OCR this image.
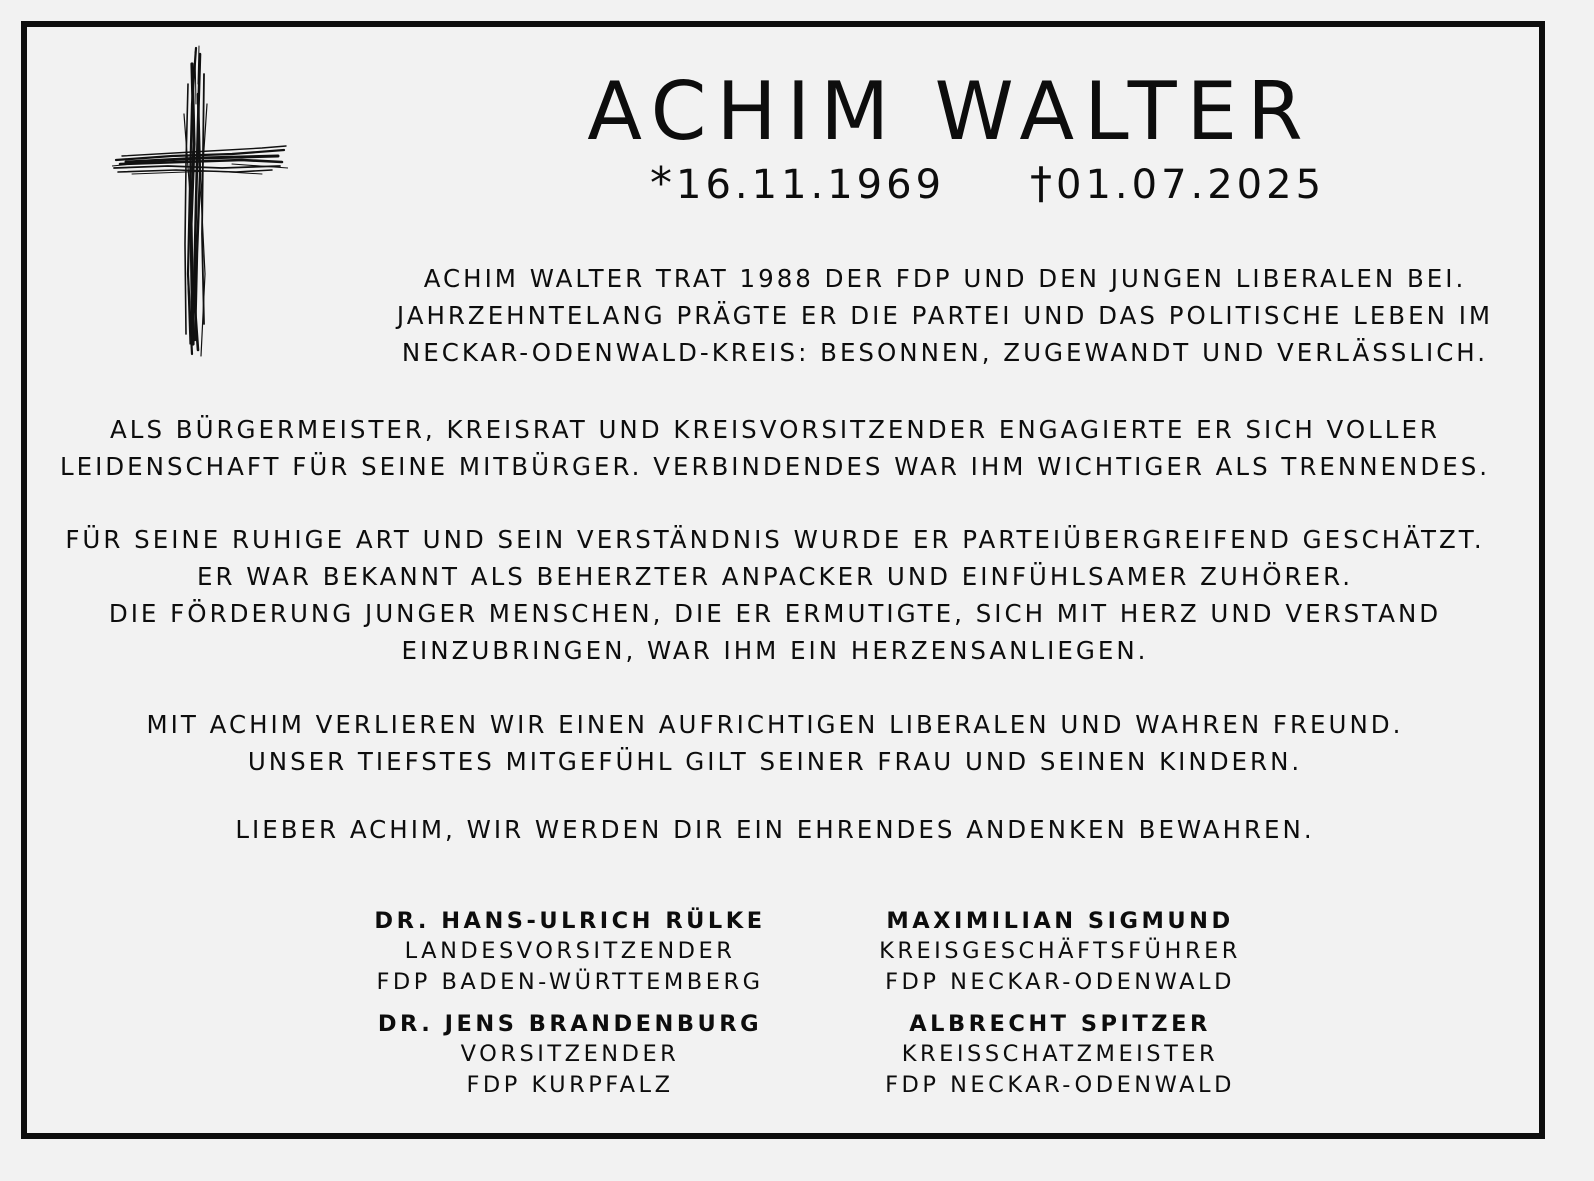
ACHIM WALTER
*16.11.1969 †01.07.2025

ACHIM WALTER TRAT 1988 DER FDP UND DEN JUNGEN LIBERALEN BEI.
JAHRZEHNTELANG PRÄGTE ER DIE PARTEI UND DAS POLITISCHE LEBEN IM
NECKAR-ODENWALD-KREIS: BESONNEN, ZUGEWANDT UND VERLÄSSLICH.

ALS BÜRGERMEISTER, KREISRAT UND KREISVORSITZENDER ENGAGIERTE ER SICH VOLLER
LEIDENSCHAFT FÜR SEINE MITBÜRGER. VERBINDENDES WAR IHM WICHTIGER ALS TRENNENDES.

FÜR SEINE RUHIGE ART UND SEIN VERSTÄNDNIS WURDE ER PARTEIÜBERGREIFEND GESCHÄTZT.
ER WAR BEKANNT ALS BEHERZTER ANPACKER UND EINFÜHLSAMER ZUHÖRER.
DIE FÖRDERUNG JUNGER MENSCHEN, DIE ER ERMUTIGTE, SICH MIT HERZ UND VERSTAND
EINZUBRINGEN, WAR IHM EIN HERZENSANLIEGEN.

MIT ACHIM VERLIEREN WIR EINEN AUFRICHTIGEN LIBERALEN UND WAHREN FREUND.
UNSER TIEFSTES MITGEFÜHL GILT SEINER FRAU UND SEINEN KINDERN.

LIEBER ACHIM, WIR WERDEN DIR EIN EHRENDES ANDENKEN BEWAHREN.

DR. HANS-ULRICH RÜLKE
LANDESVORSITZENDER
FDP BADEN-WÜRTTEMBERG
MAXIMILIAN SIGMUND
KREISGESCHÄFTSFÜHRER
FDP NECKAR-ODENWALD
DR. JENS BRANDENBURG
VORSITZENDER
FDP KURPFALZ
ALBRECHT SPITZER
KREISSCHATZMEISTER
FDP NECKAR-ODENWALD
